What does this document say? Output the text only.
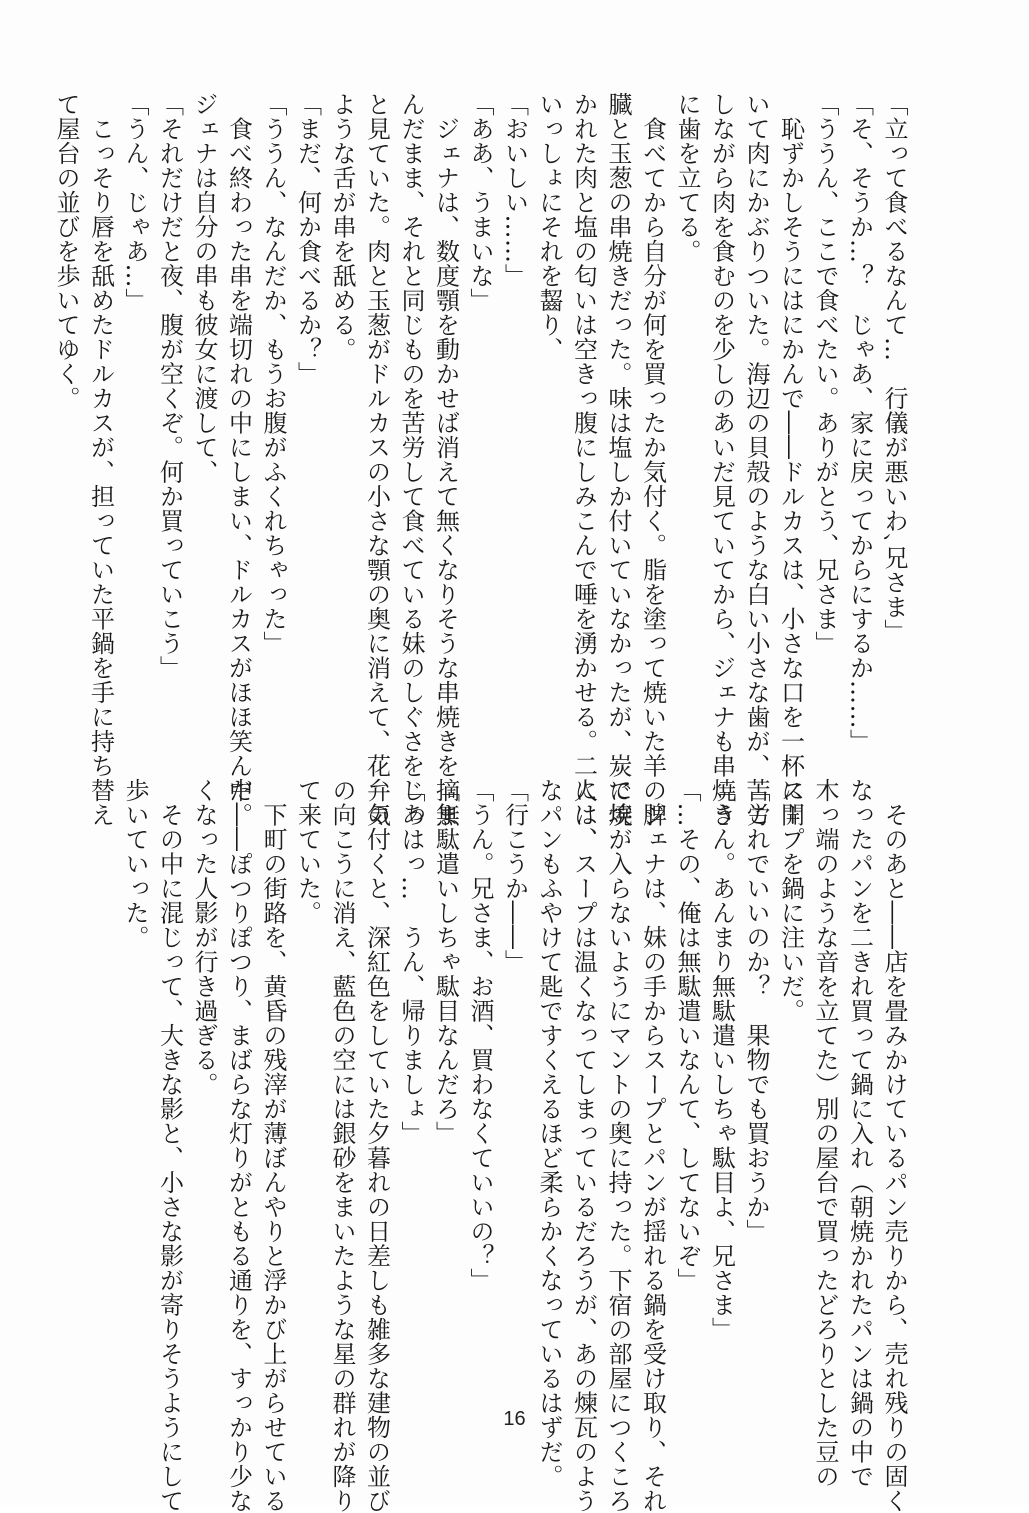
「立って食べるなんて…　行儀が悪いわ､兄さま」
「そ、そうか…？　じゃあ、家に戻ってからにするか……」
「ううん、ここで食べたい。ありがとう、兄さま」
　恥ずかしそうにはにかんで――ドルカスは、小さな口を一杯に開
いて肉にかぶりついた。海辺の貝殻のような白い小さな歯が、苦労
しながら肉を食むのを少しのあいだ見ていてから、ジェナも串焼き
に歯を立てる。
　食べてから自分が何を買ったか気付く。脂を塗って焼いた羊の脾
臓と玉葱の串焼きだった。味は塩しか付いていなかったが、炭で焼
かれた肉と塩の匂いは空きっ腹にしみこんで唾を湧かせる。二人は、
いっしょにそれを齧り、
「おいしい……」
「ああ、うまいな」
　ジェナは、数度顎を動かせば消えて無くなりそうな串焼きを摘ま
んだまま、それと同じものを苦労して食べている妹のしぐさをじっ
と見ていた。肉と玉葱がドルカスの小さな顎の奥に消えて、花弁の
ような舌が串を舐める。
「まだ、何か食べるか？」
「ううん、なんだか、もうお腹がふくれちゃった」
　食べ終わった串を端切れの中にしまい、ドルカスがほほ笑んだ。
ジェナは自分の串も彼女に渡して、
「それだけだと夜、腹が空くぞ。何か買っていこう」
「うん、じゃあ…」
　こっそり唇を舐めたドルカスが、担っていた平鍋を手に持ち替え
て屋台の並びを歩いてゆく。
　そのあと――店を畳みかけているパン売りから、売れ残りの固く
なったパンを二きれ買って鍋に入れ（朝焼かれたパンは鍋の中で
木っ端のような音を立てた）別の屋台で買ったどろりとした豆の
スープを鍋に注いだ。
「これでいいのか？　果物でも買おうか」
「うん。あんまり無駄遣いしちゃ駄目よ、兄さま」
「…その、俺は無駄遣いなんて、してないぞ」
　ジェナは、妹の手からスープとパンが揺れる鍋を受け取り、それ
に埃が入らないようにマントの奥に持った。下宿の部屋につくころ
には、スープは温くなってしまっているだろうが、あの煉瓦のよう
なパンもふやけて匙ですくえるほど柔らかくなっているはずだ。
「行こうか――」
「うん。兄さま、お酒、買わなくていいの？」
「無駄遣いしちゃ駄目なんだろ」
「あはっ…　うん、帰りましょ」
　気付くと、深紅色をしていた夕暮れの日差しも雑多な建物の並び
の向こうに消え、藍色の空には銀砂をまいたような星の群れが降り
て来ていた。
　下町の街路を、黄昏の残滓が薄ぼんやりと浮かび上がらせている
中――ぽつりぽつり、まばらな灯りがともる通りを、すっかり少な
くなった人影が行き過ぎる。
　その中に混じって、大きな影と、小さな影が寄りそうようにして
歩いていった。
16
